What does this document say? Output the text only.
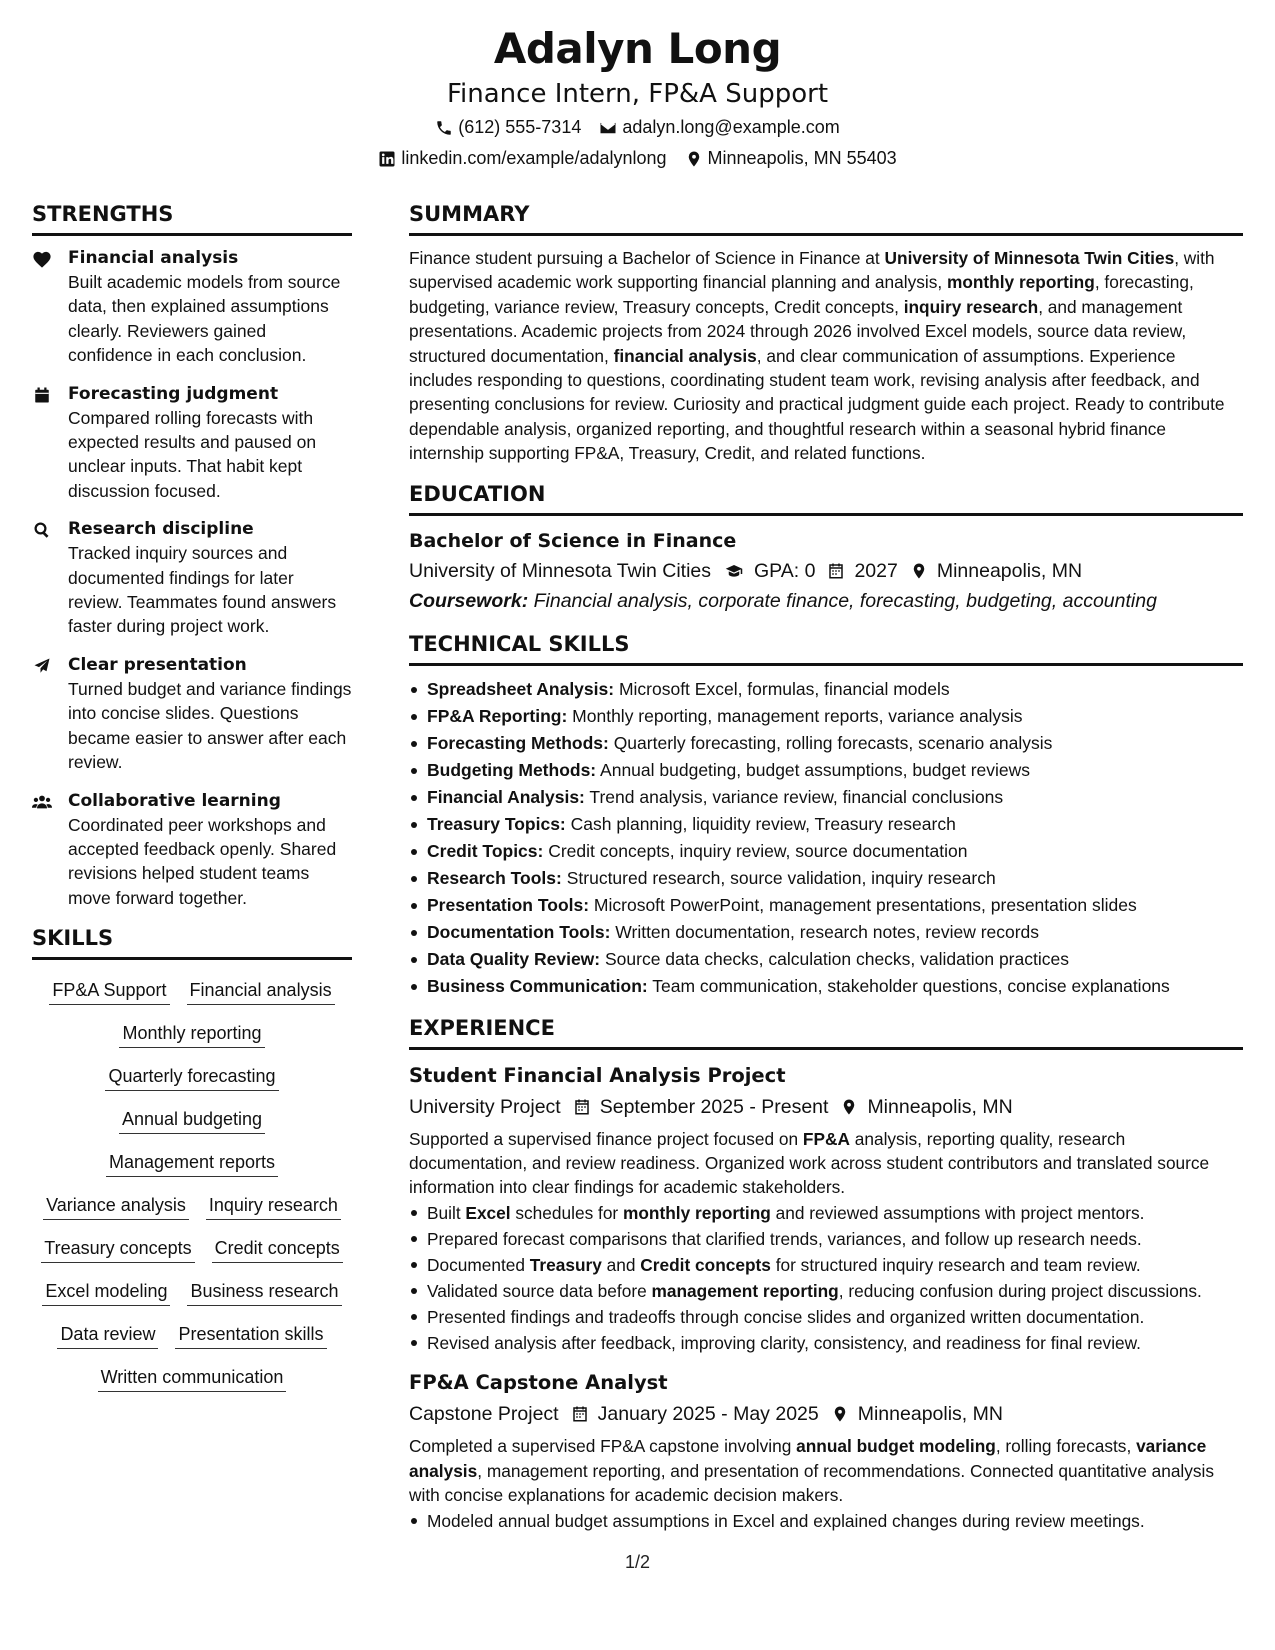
Adalyn Long
Finance Intern, FP&A Support
(612) 555-7314 adalyn.long@example.com
linkedin.com/example/adalynlong Minneapolis, MN 55403
STRENGTHS
Financial analysis
Built academic models from source data, then explained assumptions clearly. Reviewers gained confidence in each conclusion.
Forecasting judgment
Compared rolling forecasts with expected results and paused on unclear inputs. That habit kept discussion focused.
Research discipline
Tracked inquiry sources and documented findings for later review. Teammates found answers faster during project work.
Clear presentation
Turned budget and variance findings into concise slides. Questions became easier to answer after each review.
Collaborative learning
Coordinated peer workshops and accepted feedback openly. Shared revisions helped student teams move forward together.
SKILLS
FP&A Support Financial analysis
Monthly reporting
Quarterly forecasting
Annual budgeting
Management reports
Variance analysis Inquiry research
Treasury concepts Credit concepts
Excel modeling Business research
Data review Presentation skills
Written communication
SUMMARY

Finance student pursuing a Bachelor of Science in Finance at University of Minnesota Twin Cities, with supervised academic work supporting financial planning and analysis, monthly reporting, forecasting, budgeting, variance review, Treasury concepts, Credit concepts, inquiry research, and management presentations. Academic projects from 2024 through 2026 involved Excel models, source data review, structured documentation, financial analysis, and clear communication of assumptions. Experience includes responding to questions, coordinating student team work, revising analysis after feedback, and presenting conclusions for review. Curiosity and practical judgment guide each project. Ready to contribute dependable analysis, organized reporting, and thoughtful research within a seasonal hybrid finance internship supporting FP&A, Treasury, Credit, and related functions.

EDUCATION
Bachelor of Science in Finance
University of Minnesota Twin Cities GPA: 0 2027 Minneapolis, MN
Coursework: Financial analysis, corporate finance, forecasting, budgeting, accounting
TECHNICAL SKILLS
Spreadsheet Analysis: Microsoft Excel, formulas, financial models
FP&A Reporting: Monthly reporting, management reports, variance analysis
Forecasting Methods: Quarterly forecasting, rolling forecasts, scenario analysis
Budgeting Methods: Annual budgeting, budget assumptions, budget reviews
Financial Analysis: Trend analysis, variance review, financial conclusions
Treasury Topics: Cash planning, liquidity review, Treasury research
Credit Topics: Credit concepts, inquiry review, source documentation
Research Tools: Structured research, source validation, inquiry research
Presentation Tools: Microsoft PowerPoint, management presentations, presentation slides
Documentation Tools: Written documentation, research notes, review records
Data Quality Review: Source data checks, calculation checks, validation practices
Business Communication: Team communication, stakeholder questions, concise explanations
EXPERIENCE
Student Financial Analysis Project
University Project September 2025 - Present Minneapolis, MN

Supported a supervised finance project focused on FP&A analysis, reporting quality, research documentation, and review readiness. Organized work across student contributors and translated source information into clear findings for academic stakeholders.

Built Excel schedules for monthly reporting and reviewed assumptions with project mentors.
Prepared forecast comparisons that clarified trends, variances, and follow up research needs.
Documented Treasury and Credit concepts for structured inquiry research and team review.
Validated source data before management reporting, reducing confusion during project discussions.
Presented findings and tradeoffs through concise slides and organized written documentation.
Revised analysis after feedback, improving clarity, consistency, and readiness for final review.
FP&A Capstone Analyst
Capstone Project January 2025 - May 2025 Minneapolis, MN

Completed a supervised FP&A capstone involving annual budget modeling, rolling forecasts, variance analysis, management reporting, and presentation of recommendations. Connected quantitative analysis with concise explanations for academic decision makers.

Modeled annual budget assumptions in Excel and explained changes during review meetings.
1/2
